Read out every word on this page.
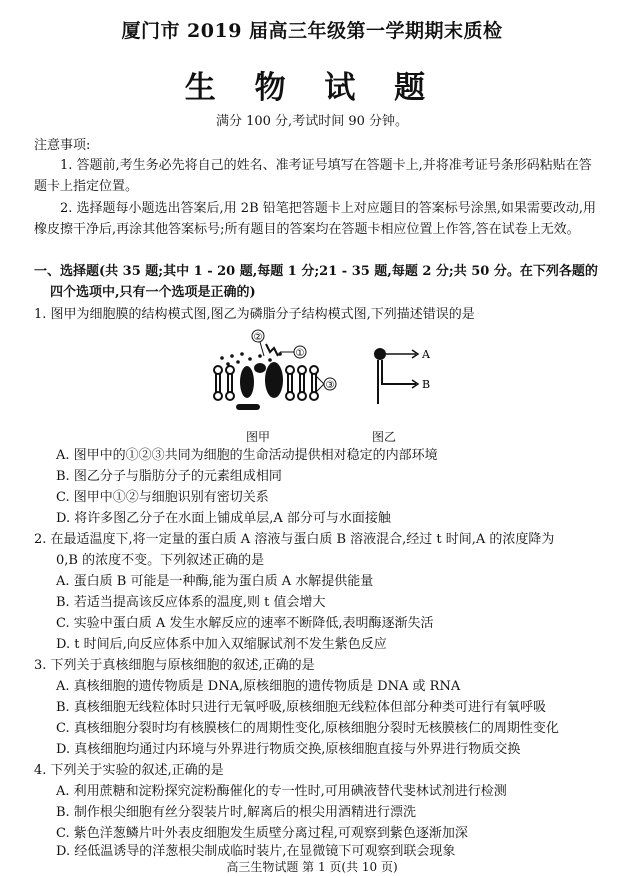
厦门市 2019 届高三年级第一学期期末质检
生 物 试 题
满分 100 分,考试时间 90 分钟。
注意事项:
1. 答题前,考生务必先将自己的姓名、准考证号填写在答题卡上,并将准考证号条形码粘贴在答题卡上指定位置。
2. 选择题每小题选出答案后,用 2B 铅笔把答题卡上对应题目的答案标号涂黑,如果需要改动,用橡皮擦干净后,再涂其他答案标号;所有题目的答案均在答题卡相应位置上作答,答在试卷上无效。
一、选择题(共 35 题;其中 1 - 20 题,每题 1 分;21 - 35 题,每题 2 分;共 50 分。在下列各题的
四个选项中,只有一个选项是正确的)
1. 图甲为细胞膜的结构模式图,图乙为磷脂分子结构模式图,下列描述错误的是
②
①
③
图甲
A
B
图乙
A. 图甲中的①②③共同为细胞的生命活动提供相对稳定的内部环境
B. 图乙分子与脂肪分子的元素组成相同
C. 图甲中①②与细胞识别有密切关系
D. 将许多图乙分子在水面上铺成单层,A 部分可与水面接触
2. 在最适温度下,将一定量的蛋白质 A 溶液与蛋白质 B 溶液混合,经过 t 时间,A 的浓度降为
0,B 的浓度不变。下列叙述正确的是
A. 蛋白质 B 可能是一种酶,能为蛋白质 A 水解提供能量
B. 若适当提高该反应体系的温度,则 t 值会增大
C. 实验中蛋白质 A 发生水解反应的速率不断降低,表明酶逐渐失活
D. t 时间后,向反应体系中加入双缩脲试剂不发生紫色反应
3. 下列关于真核细胞与原核细胞的叙述,正确的是
A. 真核细胞的遗传物质是 DNA,原核细胞的遗传物质是 DNA 或 RNA
B. 真核细胞无线粒体时只进行无氧呼吸,原核细胞无线粒体但部分种类可进行有氧呼吸
C. 真核细胞分裂时均有核膜核仁的周期性变化,原核细胞分裂时无核膜核仁的周期性变化
D. 真核细胞均通过内环境与外界进行物质交换,原核细胞直接与外界进行物质交换
4. 下列关于实验的叙述,正确的是
A. 利用蔗糖和淀粉探究淀粉酶催化的专一性时,可用碘液替代斐林试剂进行检测
B. 制作根尖细胞有丝分裂装片时,解离后的根尖用酒精进行漂洗
C. 紫色洋葱鳞片叶外表皮细胞发生质壁分离过程,可观察到紫色逐渐加深
D. 经低温诱导的洋葱根尖制成临时装片,在显微镜下可观察到联会现象
高三生物试题 第 1 页(共 10 页)
